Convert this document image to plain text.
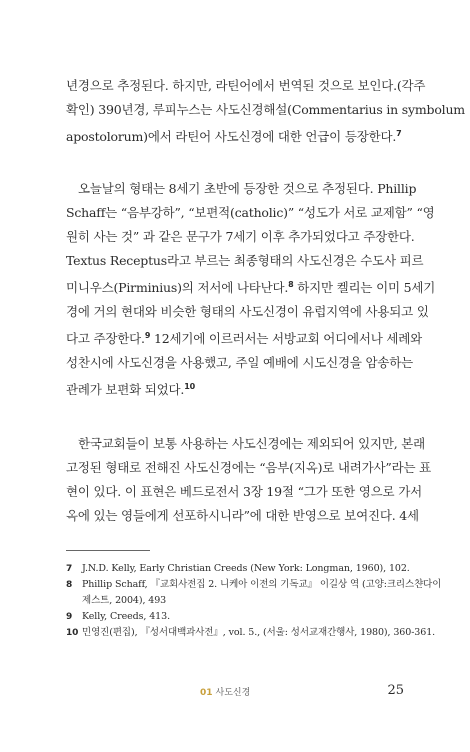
년경으로 추정된다. 하지만, 라틴어에서 번역된 것으로 보인다.(각주
확인) 390년경, 루피누스는 사도신경해설(Commentarius in symbolum
apostolorum)에서 라틴어 사도신경에 대한 언급이 등장한다.$^7$
오늘날의 형태는 8세기 초반에 등장한 것으로 추정된다. Phillip
Schaff는 “음부강하”, “보편적(catholic)” “성도가 서로 교제함” “영
원히 사는 것” 과 같은 문구가 7세기 이후 추가되었다고 주장한다.
Textus Receptus라고 부르는 최종형태의 사도신경은 수도사 피르
미니우스(Pirminius)의 저서에 나타난다.$^8$ 하지만 켈리는 이미 5세기
경에 거의 현대와 비슷한 형태의 사도신경이 유럽지역에 사용되고 있
다고 주장한다.$^9$ 12세기에 이르러서는 서방교회 어디에서나 세례와
성찬시에 사도신경을 사용했고, 주일 예배에 시도신경을 암송하는
관례가 보편화 되었다.$^{10}$
한국교회들이 보통 사용하는 사도신경에는 제외되어 있지만, 본래
고정된 형태로 전해진 사도신경에는 “음부(지옥)로 내려가사”라는 표
현이 있다. 이 표현은 베드로전서 3장 19절 “그가 또한 영으로 가서
옥에 있는 영들에게 선포하시니라”에 대한 반영으로 보여진다. 4세
7 J.N.D. Kelly, Early Christian Creeds (New York: Longman, 1960), 102.
8 Phillip Schaff, 『교회사전집 2. 니케아 이전의 기독교』 이길상 역 (고양:크리스챤다이
제스트, 2004), 493
9 Kelly, Creeds, 413.
10 민영진(편집), 『성서대백과사전』, vol. 5., (서울: 성서교재간행사, 1980), 360-361.
01 사도신경	25
